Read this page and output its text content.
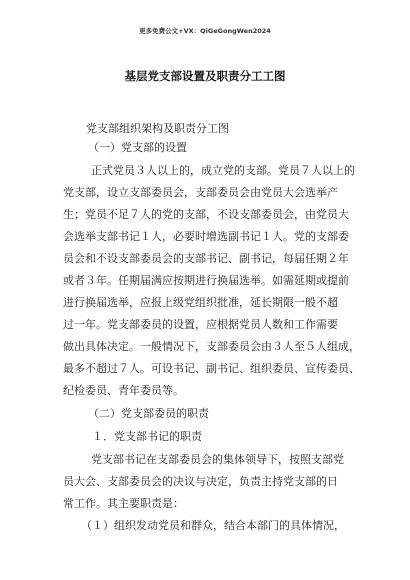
更多免费公文+VX：QiGeGongWen2024
基层党支部设置及职责分工工图
党支部组织架构及职责分工图
（一）党支部的设置
正式党员３人以上的，成立党的支部。党员７人以上的
党支部，设立支部委员会，支部委员会由党员大会选举产
生；党员不足７人的党的支部，不设支部委员会，由党员大
会选举支部书记１人，必要时增选副书记１人。党的支部委
员会和不设支部委员会的支部书记、副书记，每届任期２年
或者３年。任期届满应按期进行换届选举。如需延期或提前
进行换届选举，应报上级党组织批准，延长期限一般不超
过一年。党支部委员的设置，应根据党员人数和工作需要
做出具体决定。一般情况下，支部委员会由３人至５人组成，
最多不超过７人。可设书记、副书记、组织委员、宣传委员、
纪检委员、青年委员等。
（二）党支部委员的职责
１．党支部书记的职责
党支部书记在支部委员会的集体领导下，按照支部党
员大会、支部委员会的决议与决定，负责主持党支部的日
常工作。其主要职责是：
（１）组织发动党员和群众，结合本部门的具体情况，
